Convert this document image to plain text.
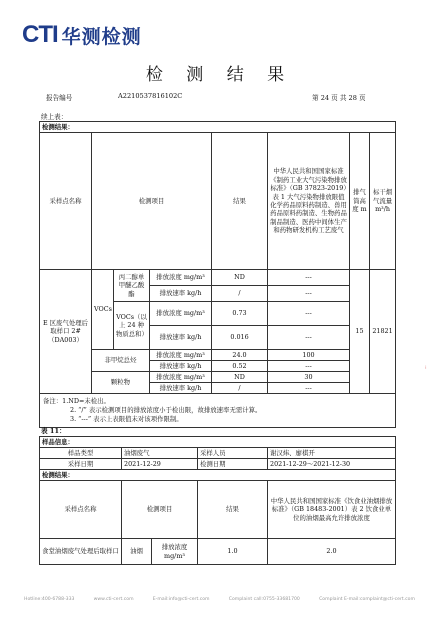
CTI 华测检测
检 测 结 果
报告编号	A2210537816102C	第 24 页 共 28 页
续上表：
检测结果：							
采样点名称	检测项目			结果	中华人民共和国国家标准《制药工业大气污染物排放标准》（GB 37823-2019）表 1 大气污染物排放限值 化学药品原料药制造、兽用药品原料药制造、生物药品制品制造、医药中间体生产和药物研发机构工艺废气	排气筒高度 m	标干烟气流量 m³/h
E 区废气处理后取样口 2#（DA003）	VOCs	丙二醇单甲醚乙酸酯	排放浓度 mg/m³	ND	---	15	21821
			排放速率 kg/h	/	---		
		VOCs（以上 24 种物质总和）	排放浓度 mg/m³	0.73	---		
			排放速率 kg/h	0.016	---		
	非甲烷总烃		排放浓度 mg/m³	24.0	100		
			排放速率 kg/h	0.52	---		
	颗粒物		排放浓度 mg/m³	ND	30		
			排放速率 kg/h	/	---		

备注：1.ND=未检出。
2. “/” 表示检测项目的排放浓度小于检出限，故排放速率无需计算。
3. “---” 表示上表限值未对该项作限制。							
表 11：
样品信息：				
样品类型	油烟废气		采样人员	谢汉炜、廖棋开
采样日期	2021-12-29		检测日期	2021-12-29～2021-12-30
检测结果：				
采样点名称	检测项目		结果	中华人民共和国国家标准《饮食业油烟排放标准》（GB 18483-2001）表 2 饮食业单位的油烟最高允许排放浓度
食堂油烟废气处理后取样口	油烟	排放浓度 mg/m³	1.0	2.0
⁝
Hotline:400-6788-333	www.cti-cert.com	E-mail:info@cti-cert.com	Complaint call:0755-33681700	Complaint E-mail:complaint@cti-cert.com
